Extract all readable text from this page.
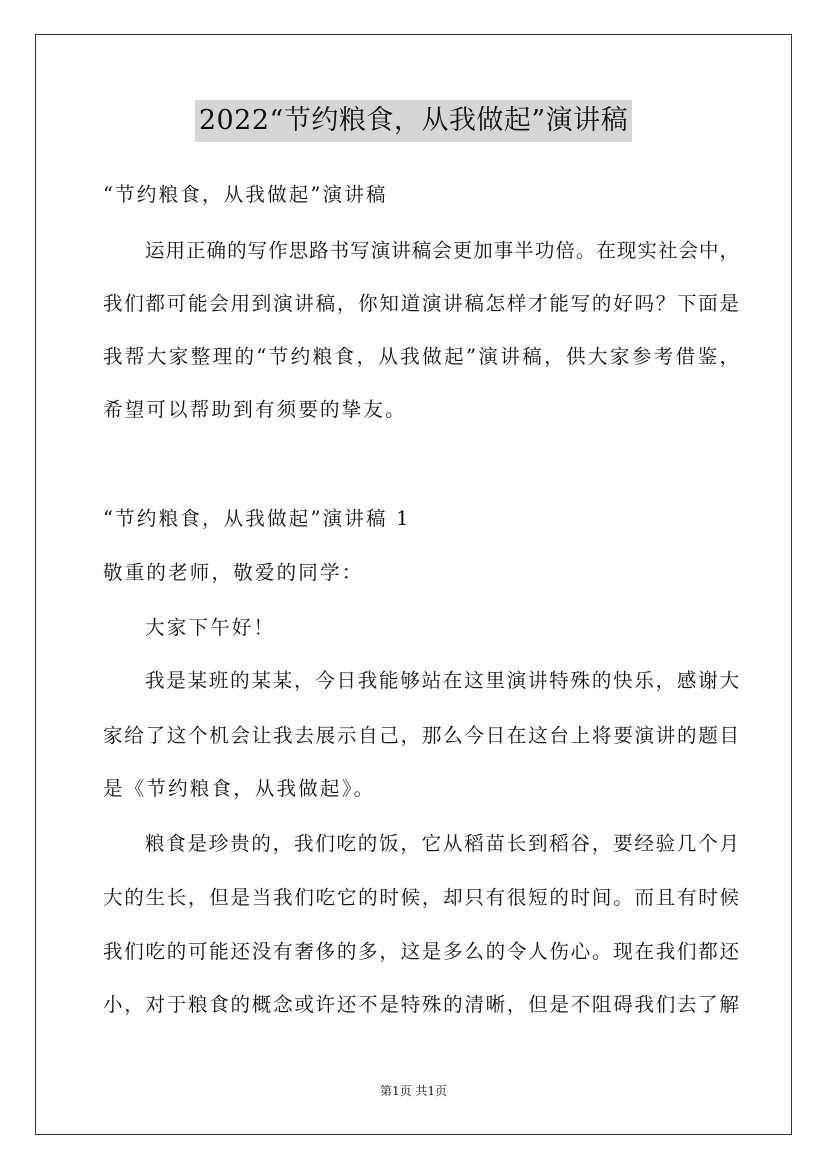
2022“节约粮食，从我做起”演讲稿
“节约粮食，从我做起”演讲稿
运用正确的写作思路书写演讲稿会更加事半功倍。在现实社会中，
我们都可能会用到演讲稿，你知道演讲稿怎样才能写的好吗？下面是
我帮大家整理的“节约粮食，从我做起”演讲稿，供大家参考借鉴，
希望可以帮助到有须要的挚友。
“节约粮食，从我做起”演讲稿 1
敬重的老师，敬爱的同学：
大家下午好！
我是某班的某某，今日我能够站在这里演讲特殊的快乐，感谢大
家给了这个机会让我去展示自己，那么今日在这台上将要演讲的题目
是《节约粮食，从我做起》。
粮食是珍贵的，我们吃的饭，它从稻苗长到稻谷，要经验几个月
大的生长，但是当我们吃它的时候，却只有很短的时间。而且有时候
我们吃的可能还没有奢侈的多，这是多么的令人伤心。现在我们都还
小，对于粮食的概念或许还不是特殊的清晰，但是不阻碍我们去了解
第1页 共1页
